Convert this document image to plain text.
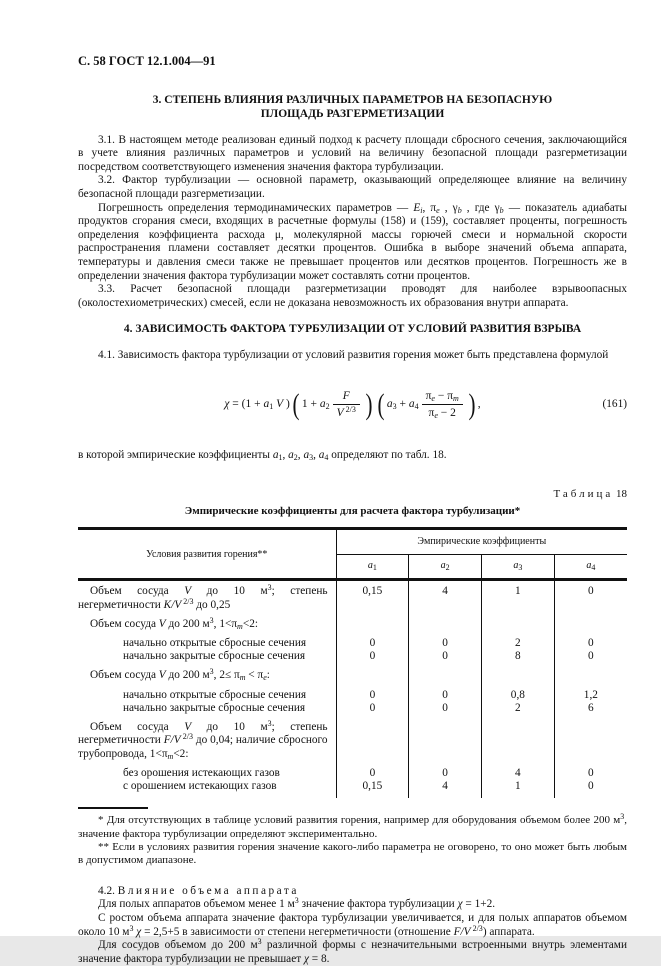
С. 58 ГОСТ 12.1.004—91
3. СТЕПЕНЬ ВЛИЯНИЯ РАЗЛИЧНЫХ ПАРАМЕТРОВ НА БЕЗОПАСНУЮ
ПЛОЩАДЬ РАЗГЕРМЕТИЗАЦИИ

3.1. В настоящем методе реализован единый подход к расчету площади сбросного сечения, заключающийся в учете влияния различных параметров и условий на величину безопасной площади разгерметизации посредством соответствующего изменения значения фактора турбулизации.

3.2. Фактор турбулизации — основной параметр, оказывающий определяющее влияние на величину безопасной площади разгерметизации.

Погрешность определения термодинамических параметров — $E_i$, $\pi_e$ , $\gamma_b$ , где $\gamma_b$ — показатель адиабаты продуктов сгорания смеси, входящих в расчетные формулы (158) и (159), составляет проценты, погрешность определения коэффициента расхода μ, молекулярной массы горючей смеси и нормальной скорости распространения пламени составляет десятки процентов. Ошибка в выборе значений объема аппарата, температуры и давления смеси также не превышает процентов или десятков процентов. Погрешность же в определении значения фактора турбулизации может составлять сотни процентов.

3.3. Расчет безопасной площади разгерметизации проводят для наиболее взрывоопасных (околостехиометрических) смесей, если не доказана невозможность их образования внутри аппарата.

4. ЗАВИСИМОСТЬ ФАКТОРА ТУРБУЛИЗАЦИИ ОТ УСЛОВИЙ РАЗВИТИЯ ВЗРЫВА

4.1. Зависимость фактора турбулизации от условий развития горения может быть представлена формулой

$\chi = (1 + a_1$ V ) ( $1 + a_2 \frac{F}{V ^{2/3}}$ ) ( $a_3 + a_4 \frac{\pi_e - \pi_m}{\pi_e - 2}$ ) ,	(161)

в которой эмпирические коэффициенты $a_1$, $a_2$, $a_3$, $a_4$ определяют по табл. 18.

Таблица 18
Эмпирические коэффициенты для расчета фактора турбулизации*
Условия развития горения**	Эмпирические коэффициенты			
	$a_1$	$a_2$	$a_3$	$a_4$

Объем сосуда V до 10 $м^3$; степень негерметичности K/V $^{2/3}$ до 0,25	0,15	4	1	0

Объем сосуда V до 200 $м^3$, $1<\pi_m<2$:				

начально открытые сбросные сечения	0	0	2	0

начально закрытые сбросные сечения	0	0	8	0

Объем сосуда V до 200 $м^3$, $2\le \pi_m < \pi_e$:				

начально открытые сбросные сечения	0	0	0,8	1,2

начально закрытые сбросные сечения	0	0	2	6

Объем сосуда V до 10 $м^3$; степень негерметичности F/V $^{2/3}$ до 0,04; наличие сбросного трубопровода, $1<\pi_m<2$:				

без орошения истекающих газов	0	0	4	0

с орошением истекающих газов	0,15	4	1	0

* Для отсутствующих в таблице условий развития горения, например для оборудования объемом более 200 $м^3$, значение фактора турбулизации определяют экспериментально.

** Если в условиях развития горения значение какого-либо параметра не оговорено, то оно может быть любым в допустимом диапазоне.

4.2. Влияние объема аппарата

Для полых аппаратов объемом менее 1 $м^3$ значение фактора турбулизации χ = 1+2.

С ростом объема аппарата значение фактора турбулизации увеличивается, и для полых аппаратов объемом около 10 $м^3$ χ = 2,5+5 в зависимости от степени негерметичности (отношение F/V $^{2/3}$) аппарата.

Для сосудов объемом до 200 $м^3$ различной формы с незначительными встроенными внутрь элементами значение фактора турбулизации не превышает χ = 8.
